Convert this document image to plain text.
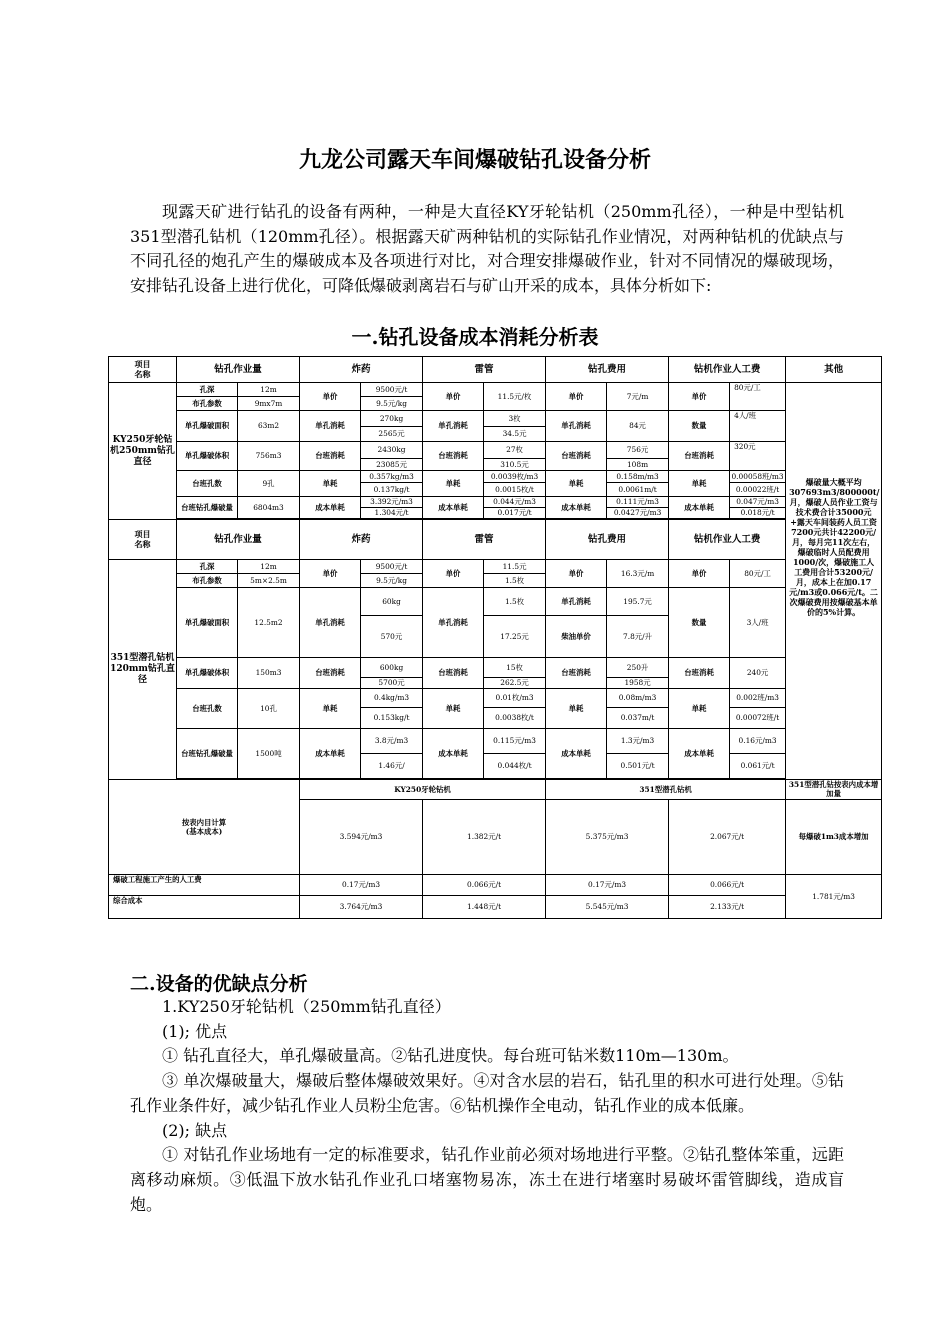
九龙公司露天车间爆破钻孔设备分析

现露天矿进行钻孔的设备有两种，一种是大直径KY牙轮钻机（250mm孔径），一种是中型钻机351型潜孔钻机（120mm孔径）。根据露天矿两种钻机的实际钻孔作业情况，对两种钻机的优缺点与不同孔径的炮孔产生的爆破成本及各项进行对比，对合理安排爆破作业，针对不同情况的爆破现场，安排钻孔设备上进行优化，可降低爆破剥离岩石与矿山开采的成本，具体分析如下:

一.钻孔设备成本消耗分析表
项目
名称	钻孔作业量		炸药		雷管		钻孔费用		钻机作业人工费		其他	
KY250牙轮钻机250mm钻孔直径	孔深	12m	单价	9500元/t	单价	11.5元/枚	单价	7元/m	单价	80元/工	爆破量大概平均307693m3/800000t/月，爆破人员作业工资与技术费合计35000元+露天车间装药人员工资7200元共计42200元/月，每月完11次左右，爆破临时人员配费用1000/次，爆破施工人工费用合计53200元/月，成本上在加0.17元/m3或0.066元/t。二次爆破费用按爆破基本单价的5%计算。	
	布孔参数	9mx7m		9.5元/kg								
	单孔爆破面积	63m2	单孔消耗	270kg	单孔消耗	3枚	单孔消耗	84元	数量	4人/班		
				2565元		34.5元						
	单孔爆破体积	756m3	台班消耗	2430kg	台班消耗	27枚	台班消耗	756元	台班消耗	320元		
				23085元		310.5元		108m				
	台班孔数	9孔	单耗	0.357kg/m3	单耗	0.0039枚/m3	单耗	0.158m/m3	单耗	0.00058班/m3		
				0.137kg/t		0.0015枚/t		0.0061m/t		0.00022班/t		
	台班钻孔爆破量	6804m3	成本单耗	3.392元/m3	成本单耗	0.044元/m3	成本单耗	0.111元/m3	成本单耗	0.047元/m3		
				1.304元/t		0.017元/t		0.0427元/m3		0.018元/t		

项目
名称	钻孔作业量		炸药		雷管		钻孔费用		钻机作业人工费			
351型潜孔钻机120mm钻孔直径	孔深	12m	单价	9500元/t	单价	11.5元	单价	16.3元/m	单价	80元/工		
	布孔参数	5m×2.5m		9.5元/kg		1.5枚						
	单孔爆破面积	12.5m2	单孔消耗	60kg	单孔消耗	1.5枚	单孔消耗	195.7元	数量	3人/班		
				570元		17.25元	柴油单价	7.8元/升				
	单孔爆破体积	150m3	台班消耗	600kg	台班消耗	15枚	台班消耗	250升	台班消耗	240元		
				5700元		262.5元		1958元				
	台班孔数	10孔	单耗	0.4kg/m3	单耗	0.01枚/m3	单耗	0.08m/m3	单耗	0.002班/m3		
				0.153kg/t		0.0038枚/t		0.037m/t		0.00072班/t		
	台班钻孔爆破量	1500吨	成本单耗	3.8元/m3	成本单耗	0.115元/m3	成本单耗	1.3元/m3	成本单耗	0.16元/m3		
				1.46元/		0.044枚/t		0.501元/t		0.061元/t		

按表内目计算
(基本成本)			KY250牙轮钻机				351型潜孔钻机				351型潜孔钻按表内成本增加量	
			3.594元/m3		1.382元/t		5.375元/m3		2.067元/t		每爆破1m3成本增加	
爆破工程施工产生的人工费			0.17元/m3		0.066元/t		0.17元/m3		0.066元/t		1.781元/m3	
综合成本			3.764元/m3		1.448元/t		5.545元/m3		2.133元/t			
二.设备的优缺点分析

1.KY250牙轮钻机（250mm钻孔直径）

(1); 优点

① 钻孔直径大，单孔爆破量高。②钻孔进度快。每台班可钻米数110m—130m。

③ 单次爆破量大，爆破后整体爆破效果好。④对含水层的岩石，钻孔里的积水可进行处理。⑤钻孔作业条件好，减少钻孔作业人员粉尘危害。⑥钻机操作全电动，钻孔作业的成本低廉。

(2); 缺点

① 对钻孔作业场地有一定的标准要求，钻孔作业前必须对场地进行平整。②钻孔整体笨重，远距离移动麻烦。③低温下放水钻孔作业孔口堵塞物易冻，冻土在进行堵塞时易破坏雷管脚线，造成盲炮。
